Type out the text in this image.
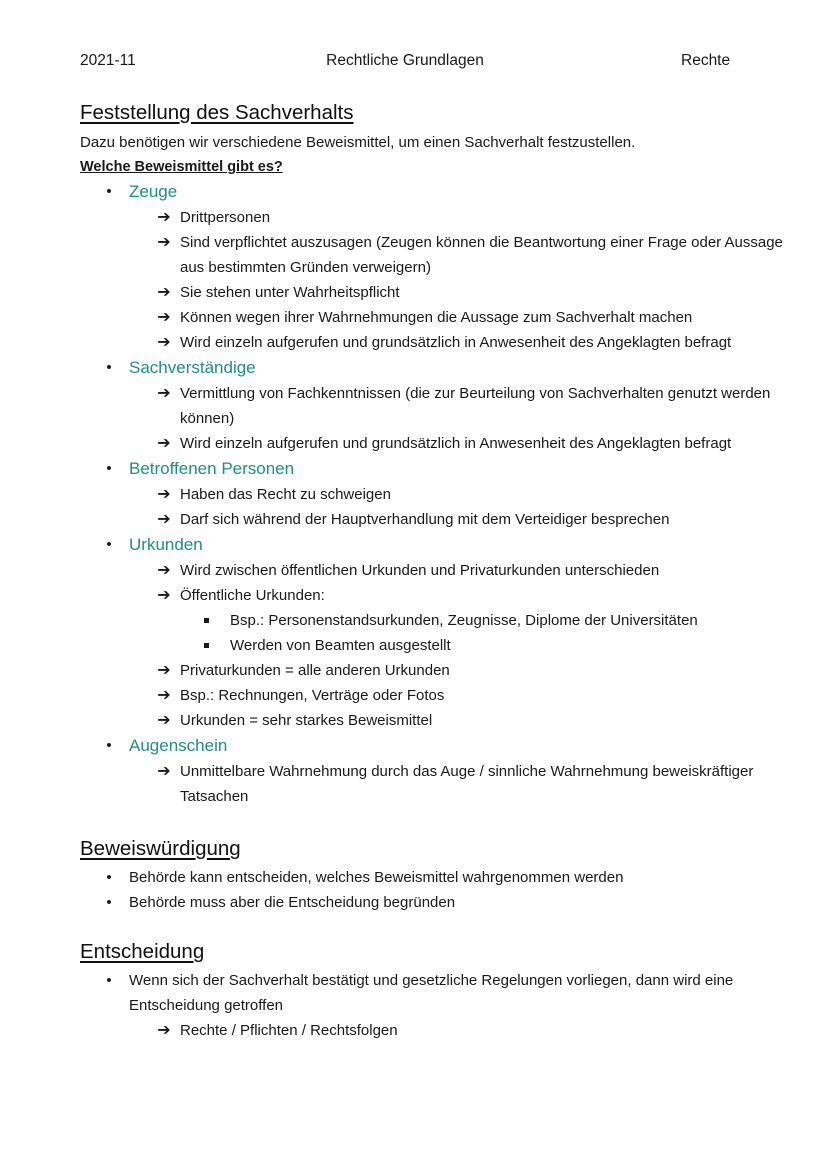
2021-11	Rechtliche Grundlagen	Rechte
Feststellung des Sachverhalts

Dazu benötigen wir verschiedene Beweismittel, um einen Sachverhalt festzustellen.

Welche Beweismittel gibt es?

• Zeuge
➔ Drittpersonen
➔ Sind verpflichtet auszusagen (Zeugen können die Beantwortung einer Frage oder Aussage aus bestimmten Gründen verweigern)
➔ Sie stehen unter Wahrheitspflicht
➔ Können wegen ihrer Wahrnehmungen die Aussage zum Sachverhalt machen
➔ Wird einzeln aufgerufen und grundsätzlich in Anwesenheit des Angeklagten befragt
• Sachverständige
➔ Vermittlung von Fachkenntnissen (die zur Beurteilung von Sachverhalten genutzt werden können)
➔ Wird einzeln aufgerufen und grundsätzlich in Anwesenheit des Angeklagten befragt
• Betroffenen Personen
➔ Haben das Recht zu schweigen
➔ Darf sich während der Hauptverhandlung mit dem Verteidiger besprechen
• Urkunden
➔ Wird zwischen öffentlichen Urkunden und Privaturkunden unterschieden
➔ Öffentliche Urkunden:
Bsp.: Personenstandsurkunden, Zeugnisse, Diplome der Universitäten
Werden von Beamten ausgestellt
➔ Privaturkunden = alle anderen Urkunden
➔ Bsp.: Rechnungen, Verträge oder Fotos
➔ Urkunden = sehr starkes Beweismittel
• Augenschein
➔ Unmittelbare Wahrnehmung durch das Auge / sinnliche Wahrnehmung beweiskräftiger Tatsachen
Beweiswürdigung
• Behörde kann entscheiden, welches Beweismittel wahrgenommen werden
• Behörde muss aber die Entscheidung begründen
Entscheidung
• Wenn sich der Sachverhalt bestätigt und gesetzliche Regelungen vorliegen, dann wird eine Entscheidung getroffen
➔ Rechte / Pflichten / Rechtsfolgen
